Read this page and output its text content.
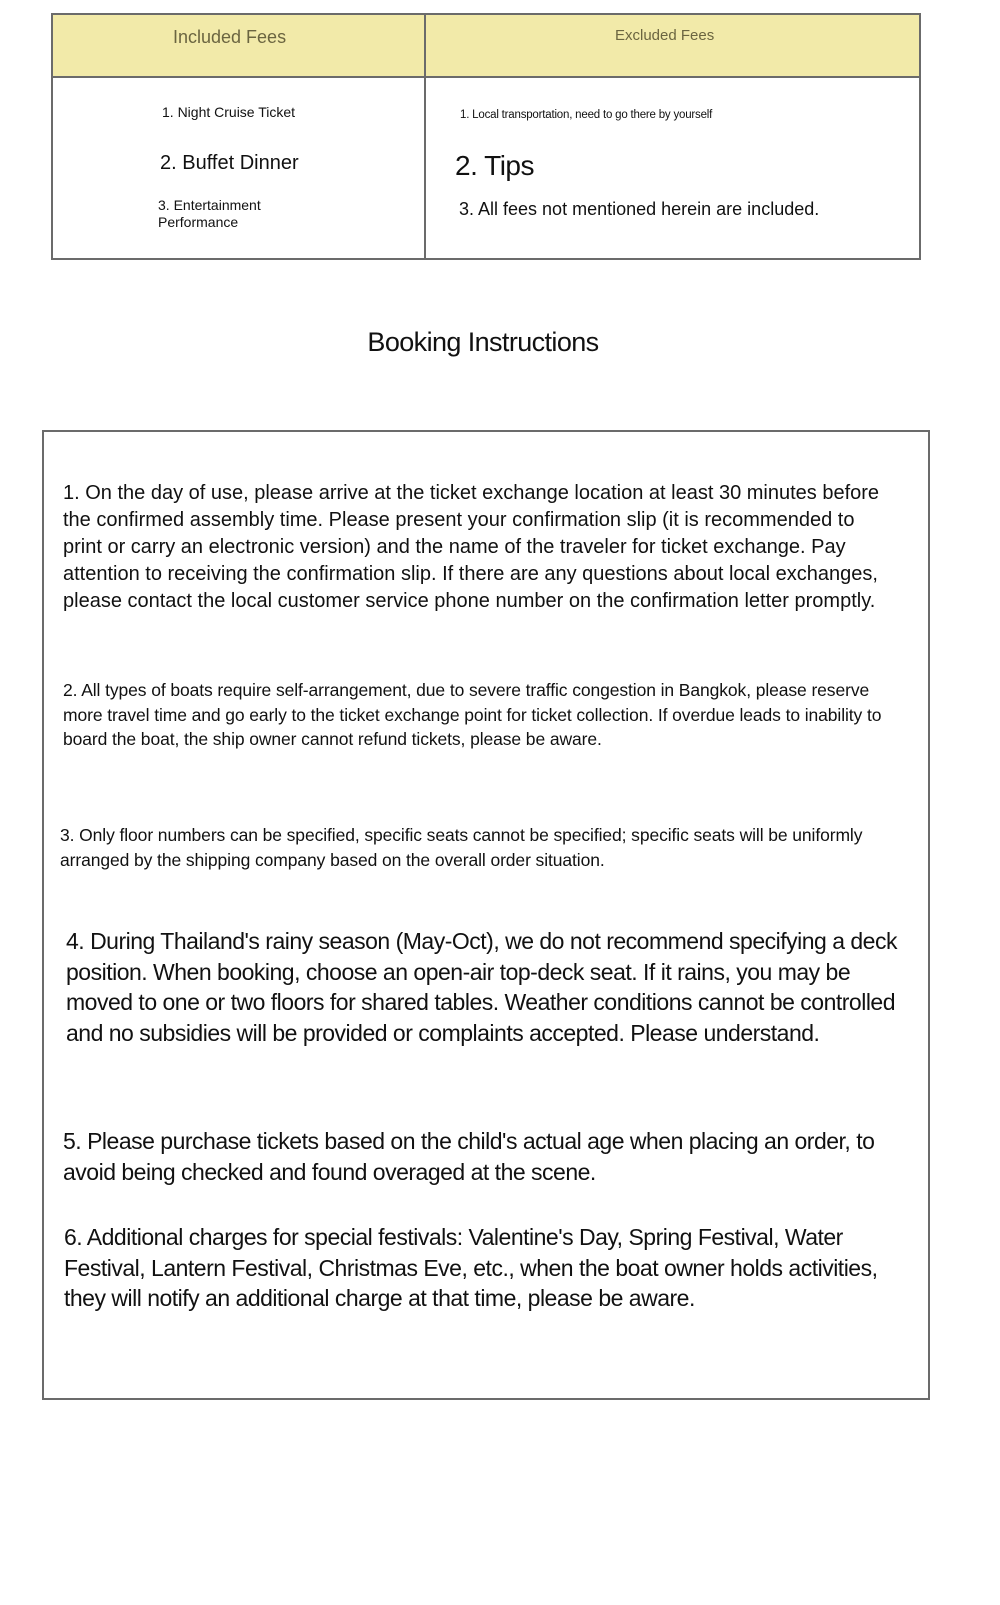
Included Fees	Excluded Fees
1. Night Cruise Ticket
2. Buffet Dinner
3. Entertainment Performance
1. Local transportation, need to go there by yourself
2. Tips
3. All fees not mentioned herein are included.
Booking Instructions

1. On the day of use, please arrive at the ticket exchange location at least 30 minutes before the confirmed assembly time. Please present your confirmation slip (it is recommended to print or carry an electronic version) and the name of the traveler for ticket exchange. Pay attention to receiving the confirmation slip. If there are any questions about local exchanges, please contact the local customer service phone number on the confirmation letter promptly.

2. All types of boats require self-arrangement, due to severe traffic congestion in Bangkok, please reserve more travel time and go early to the ticket exchange point for ticket collection. If overdue leads to inability to board the boat, the ship owner cannot refund tickets, please be aware.

3. Only floor numbers can be specified, specific seats cannot be specified; specific seats will be uniformly arranged by the shipping company based on the overall order situation.

4. During Thailand's rainy season (May-Oct), we do not recommend specifying a deck position. When booking, choose an open-air top-deck seat. If it rains, you may be moved to one or two floors for shared tables. Weather conditions cannot be controlled and no subsidies will be provided or complaints accepted. Please understand.

5. Please purchase tickets based on the child's actual age when placing an order, to avoid being checked and found overaged at the scene.

6. Additional charges for special festivals: Valentine's Day, Spring Festival, Water Festival, Lantern Festival, Christmas Eve, etc., when the boat owner holds activities, they will notify an additional charge at that time, please be aware.
